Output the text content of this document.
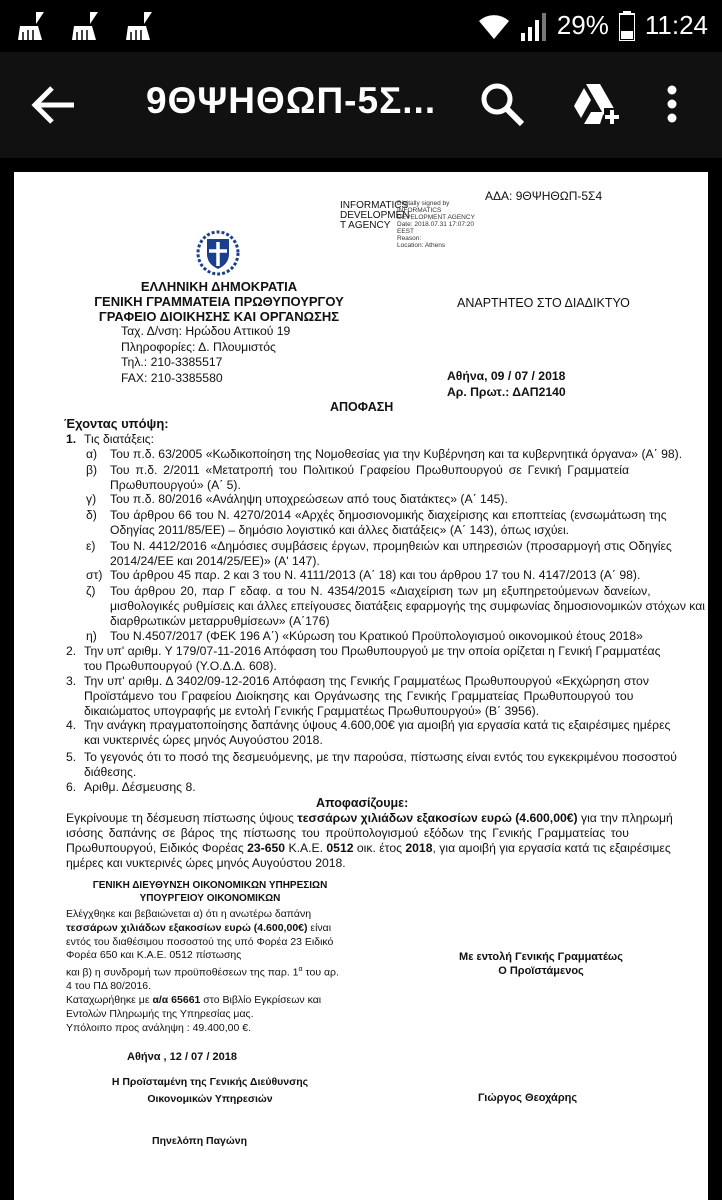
29% 11:24
9ΘΨΗΘΩΠ-5Σ...
ΑΔΑ: 9ΘΨΗΘΩΠ-5Σ4
INFORMATICS
DEVELOPMEN
T AGENCY
Digitally signed by
INFORMATICS
DEVELOPMENT AGENCY
Date: 2018.07.31 17:07:20
EEST
Reason:
Location: Athens
ΕΛΛΗΝΙΚΗ ΔΗΜΟΚΡΑΤΙΑ
ΓΕΝΙΚΗ ΓΡΑΜΜΑΤΕΙΑ ΠΡΩΘΥΠΟΥΡΓΟΥ
ΓΡΑΦΕΙΟ ΔΙΟΙΚΗΣΗΣ ΚΑΙ ΟΡΓΑΝΩΣΗΣ
ΑΝΑΡΤΗΤΕΟ ΣΤΟ ΔΙΑΔΙΚΤΥΟ
Ταχ. Δ/νση: Ηρώδου Αττικού 19
Πληροφορίες: Δ. Πλουμιστός
Τηλ.: 210-3385517
FAX: 210-3385580	Αθήνα, 09 / 07 / 2018
Αρ. Πρωτ.: ΔΑΠ2140
ΑΠΟΦΑΣΗ
Έχοντας υπόψη:
1. Τις διατάξεις:
α) Του π.δ. 63/2005 «Κωδικοποίηση της Νομοθεσίας για την Κυβέρνηση και τα κυβερνητικά όργανα» (Α΄ 98).
β) Του π.δ. 2/2011 «Μετατροπή του Πολιτικού Γραφείου Πρωθυπουργού σε Γενική Γραμματεία
Πρωθυπουργού» (Α΄ 5).
γ) Του π.δ. 80/2016 «Ανάληψη υποχρεώσεων από τους διατάκτες» (Α΄ 145).
δ) Του άρθρου 66 του Ν. 4270/2014 «Αρχές δημοσιονομικής διαχείρισης και εποπτείας (ενσωμάτωση της
Οδηγίας 2011/85/ΕΕ) – δημόσιο λογιστικό και άλλες διατάξεις» (Α΄ 143), όπως ισχύει.
ε) Του Ν. 4412/2016 «Δημόσιες συμβάσεις έργων, προμηθειών και υπηρεσιών (προσαρμογή στις Οδηγίες
2014/24/ΕΕ και 2014/25/ΕΕ)» (Α' 147).
στ) Του άρθρου 45 παρ. 2 και 3 του Ν. 4111/2013 (Α΄ 18) και του άρθρου 17 του Ν. 4147/2013 (Α΄ 98).
ζ) Του άρθρου 20, παρ Γ εδαφ. α του Ν. 4354/2015 «Διαχείριση των μη εξυπηρετούμενων δανείων,
μισθολογικές ρυθμίσεις και άλλες επείγουσες διατάξεις εφαρμογής της συμφωνίας δημοσιονομικών στόχων και
διαρθρωτικών μεταρρυθμίσεων» (Α΄176)
η) Του Ν.4507/2017 (ΦΕΚ 196 Α΄) «Κύρωση του Κρατικού Προϋπολογισμού οικονομικού έτους 2018»
2. Την υπ' αριθμ. Υ 179/07-11-2016 Απόφαση του Πρωθυπουργού με την οποία ορίζεται η Γενική Γραμματέας
του Πρωθυπουργού (Υ.Ο.Δ.Δ. 608).
3. Την υπ' αριθμ. Δ 3402/09-12-2016 Απόφαση της Γενικής Γραμματέως Πρωθυπουργού «Εκχώρηση στον
Προϊστάμενο του Γραφείου Διοίκησης και Οργάνωσης της Γενικής Γραμματείας Πρωθυπουργού του
δικαιώματος υπογραφής με εντολή Γενικής Γραμματέως Πρωθυπουργού» (Β΄ 3956).
4. Την ανάγκη πραγματοποίησης δαπάνης ύψους 4.600,00€ για αμοιβή για εργασία κατά τις εξαιρέσιμες ημέρες
και νυκτερινές ώρες μηνός Αυγούστου 2018.
5. Το γεγονός ότι το ποσό της δεσμευόμενης, με την παρούσα, πίστωσης είναι εντός του εγκεκριμένου ποσοστού
διάθεσης.
6. Αριθμ. Δέσμευσης 8.
Αποφασίζουμε:
Εγκρίνουμε τη δέσμευση πίστωσης ύψους τεσσάρων χιλιάδων εξακοσίων ευρώ (4.600,00€) για την πληρωμή
ισόσης δαπάνης σε βάρος της πίστωσης του προϋπολογισμού εξόδων της Γενικής Γραμματείας του
Πρωθυπουργού, Ειδικός Φορέας 23-650 Κ.Α.Ε. 0512 οικ. έτος 2018, για αμοιβή για εργασία κατά τις εξαιρέσιμες
ημέρες και νυκτερινές ώρες μηνός Αυγούστου 2018.
ΓΕΝΙΚΗ ΔΙΕΥΘΥΝΣΗ ΟΙΚΟΝΟΜΙΚΩΝ ΥΠΗΡΕΣΙΩΝ
ΥΠΟΥΡΓΕΙΟΥ ΟΙΚΟΝΟΜΙΚΩΝ
Ελέγχθηκε και βεβαιώνεται α) ότι η ανωτέρω δαπάνη
τεσσάρων χιλιάδων εξακοσίων ευρώ (4.600,00€) είναι
εντός του διαθέσιμου ποσοστού της υπό Φορέα 23 Ειδικό
Φορέα 650 και Κ.Α.Ε. 0512 πίστωσης
και β) η συνδρομή των προϋποθέσεων της παρ. $1^\alpha$ του αρ.
4 του ΠΔ 80/2016.
Καταχωρήθηκε με α/α 65661 στο Βιβλίο Εγκρίσεων και
Εντολών Πληρωμής της Υπηρεσίας μας.
Υπόλοιπο προς ανάληψη : 49.400,00 €.
Με εντολή Γενικής Γραμματέως
Ο Προϊστάμενος
Αθήνα , 12 / 07 / 2018
Η Προϊσταμένη της Γενικής Διεύθυνσης
Οικονομικών Υπηρεσιών	Γιώργος Θεοχάρης
Πηνελόπη Παγώνη
